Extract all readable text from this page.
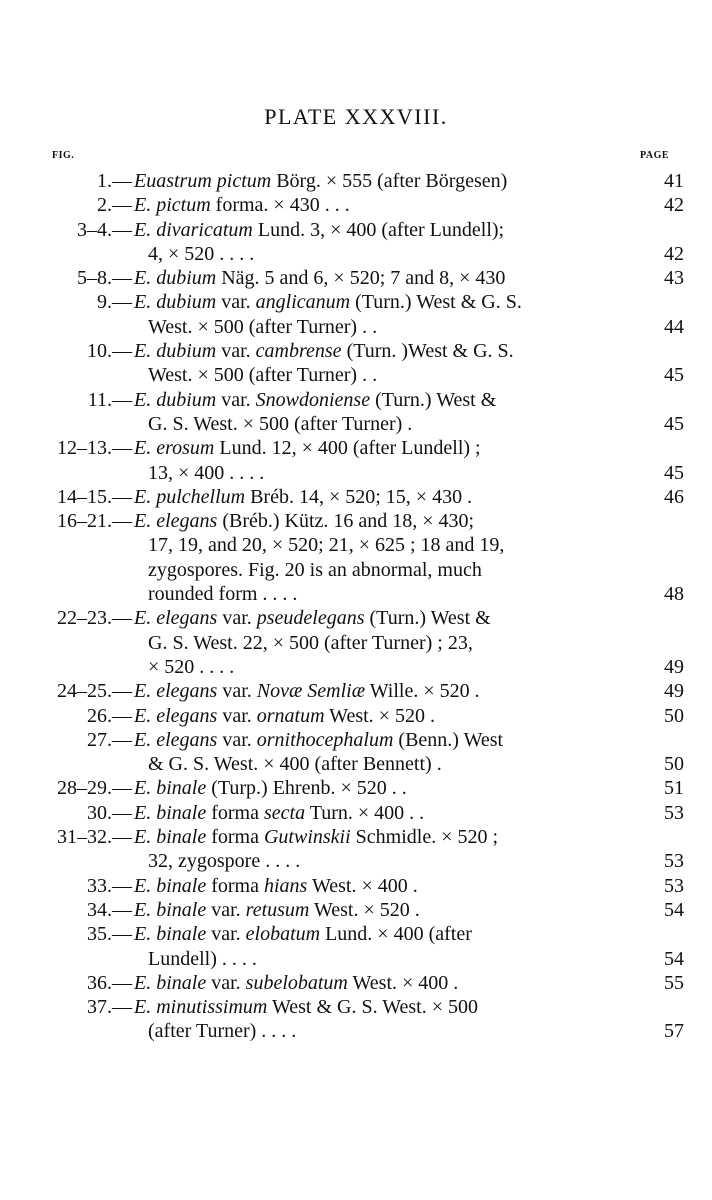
PLATE XXXVIII.
FIG.	PAGE
1.— Euastrum pictum Börg. × 555 (after Börgesen)	41
2.— E. pictum forma. × 430 . . .	42
3–4.— E. divaricatum Lund. 3, × 400 (after Lundell);
4, × 520 . . . .	42
5–8.— E. dubium Näg. 5 and 6, × 520; 7 and 8, × 430	43
9.— E. dubium var. anglicanum (Turn.) West & G. S.
West. × 500 (after Turner) . .	44
10.— E. dubium var. cambrense (Turn. )West & G. S.
West. × 500 (after Turner) . .	45
11.— E. dubium var. Snowdoniense (Turn.) West &
G. S. West. × 500 (after Turner) .	45
12–13.— E. erosum Lund. 12, × 400 (after Lundell) ;
13, × 400 . . . .	45
14–15.— E. pulchellum Bréb. 14, × 520; 15, × 430 .	46
16–21.— E. elegans (Bréb.) Kütz. 16 and 18, × 430;
17, 19, and 20, × 520; 21, × 625 ; 18 and 19,
zygospores. Fig. 20 is an abnormal, much
rounded form . . . .	48
22–23.— E. elegans var. pseudelegans (Turn.) West &
G. S. West. 22, × 500 (after Turner) ; 23,
× 520 . . . .	49
24–25.— E. elegans var. Novæ Semliæ Wille. × 520 .	49
26.— E. elegans var. ornatum West. × 520 .	50
27.— E. elegans var. ornithocephalum (Benn.) West
& G. S. West. × 400 (after Bennett) .	50
28–29.— E. binale (Turp.) Ehrenb. × 520 . .	51
30.— E. binale forma secta Turn. × 400 . .	53
31–32.— E. binale forma Gutwinskii Schmidle. × 520 ;
32, zygospore . . . .	53
33.— E. binale forma hians West. × 400 .	53
34.— E. binale var. retusum West. × 520 .	54
35.— E. binale var. elobatum Lund. × 400 (after
Lundell) . . . .	54
36.— E. binale var. subelobatum West. × 400 .	55
37.— E. minutissimum West & G. S. West. × 500
(after Turner) . . . .	57
